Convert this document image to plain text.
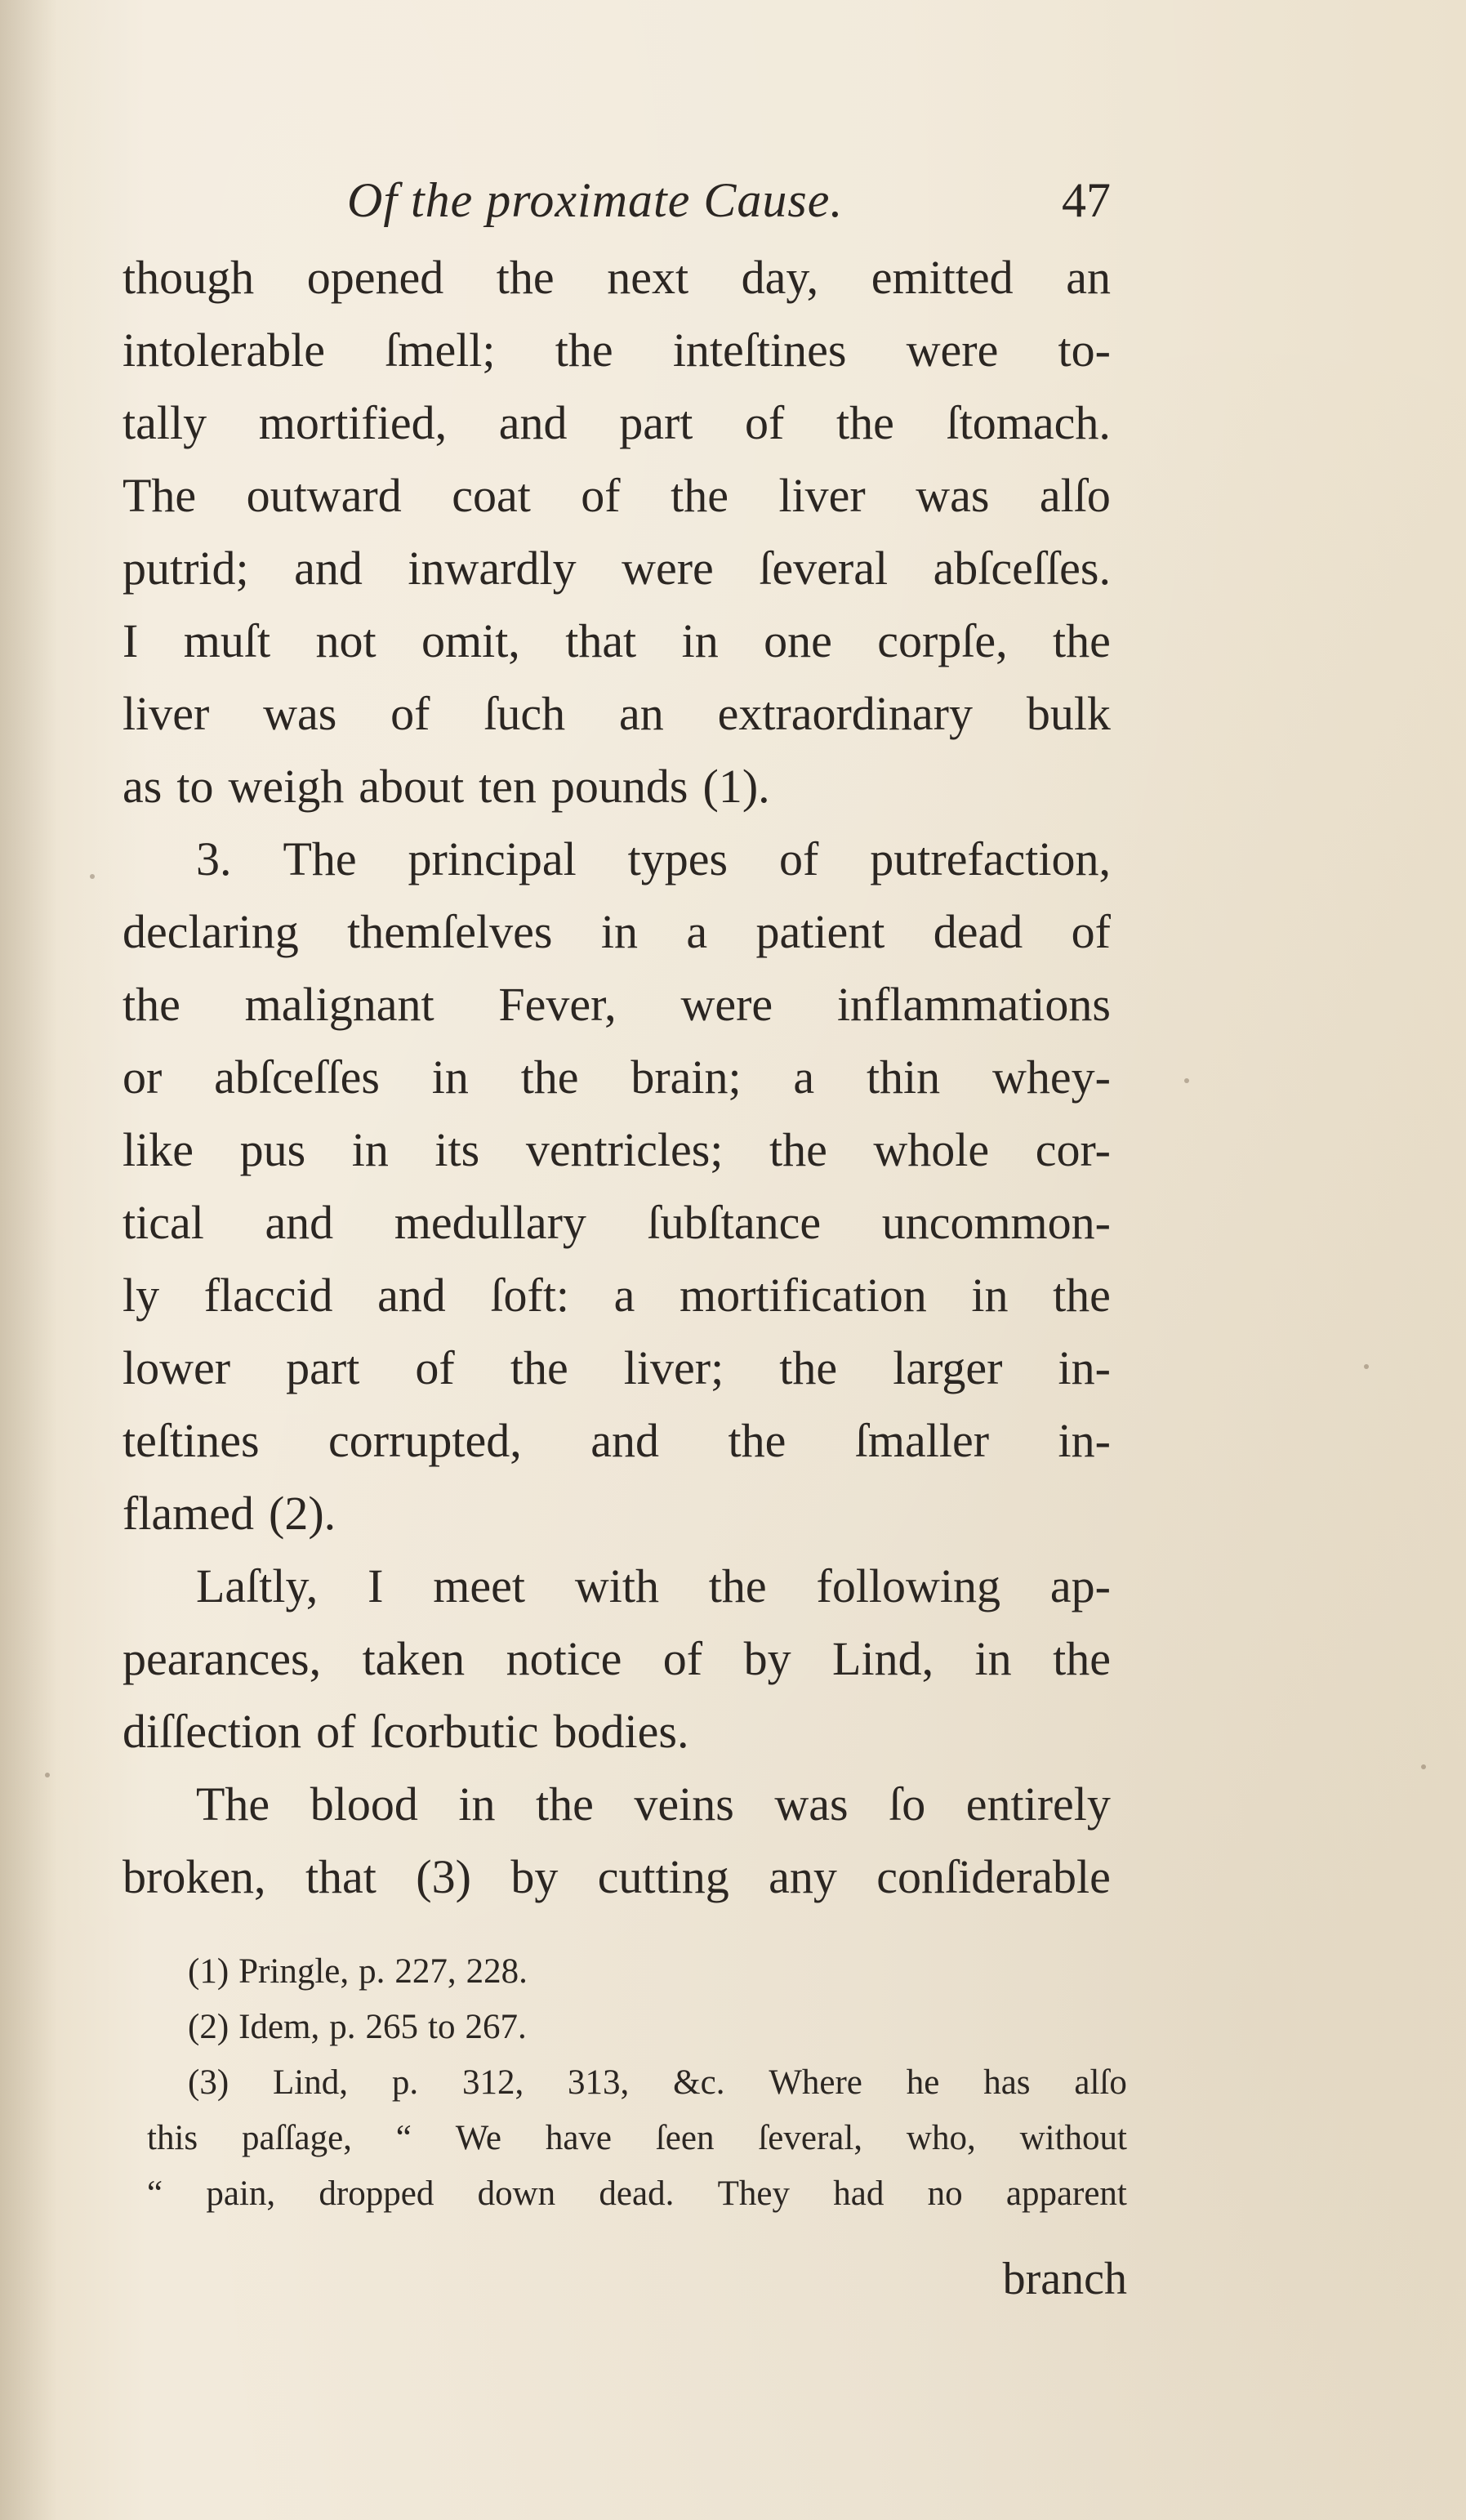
Of the proximate Cause.	47
though opened the next day, emitted an
intolerable ſmell; the inteſtines were to-
tally mortified, and part of the ſtomach.
The outward coat of the liver was alſo
putrid; and inwardly were ſeveral abſceſſes.
I muſt not omit, that in one corpſe, the
liver was of ſuch an extraordinary bulk
as to weigh about ten pounds (1).
3. The principal types of putrefaction,
declaring themſelves in a patient dead of
the malignant Fever, were inflammations
or abſceſſes in the brain; a thin whey-
like pus in its ventricles; the whole cor-
tical and medullary ſubſtance uncommon-
ly flaccid and ſoft: a mortification in the
lower part of the liver; the larger in-
teſtines corrupted, and the ſmaller in-
flamed (2).
Laſtly, I meet with the following ap-
pearances, taken notice of by Lind, in the
diſſection of ſcorbutic bodies.
The blood in the veins was ſo entirely
broken, that (3) by cutting any conſiderable
(1) Pringle, p. 227, 228.
(2) Idem, p. 265 to 267.
(3) Lind, p. 312, 313, &c. Where he has alſo
this paſſage, “ We have ſeen ſeveral, who, without
“ pain, dropped down dead. They had no apparent
branch
